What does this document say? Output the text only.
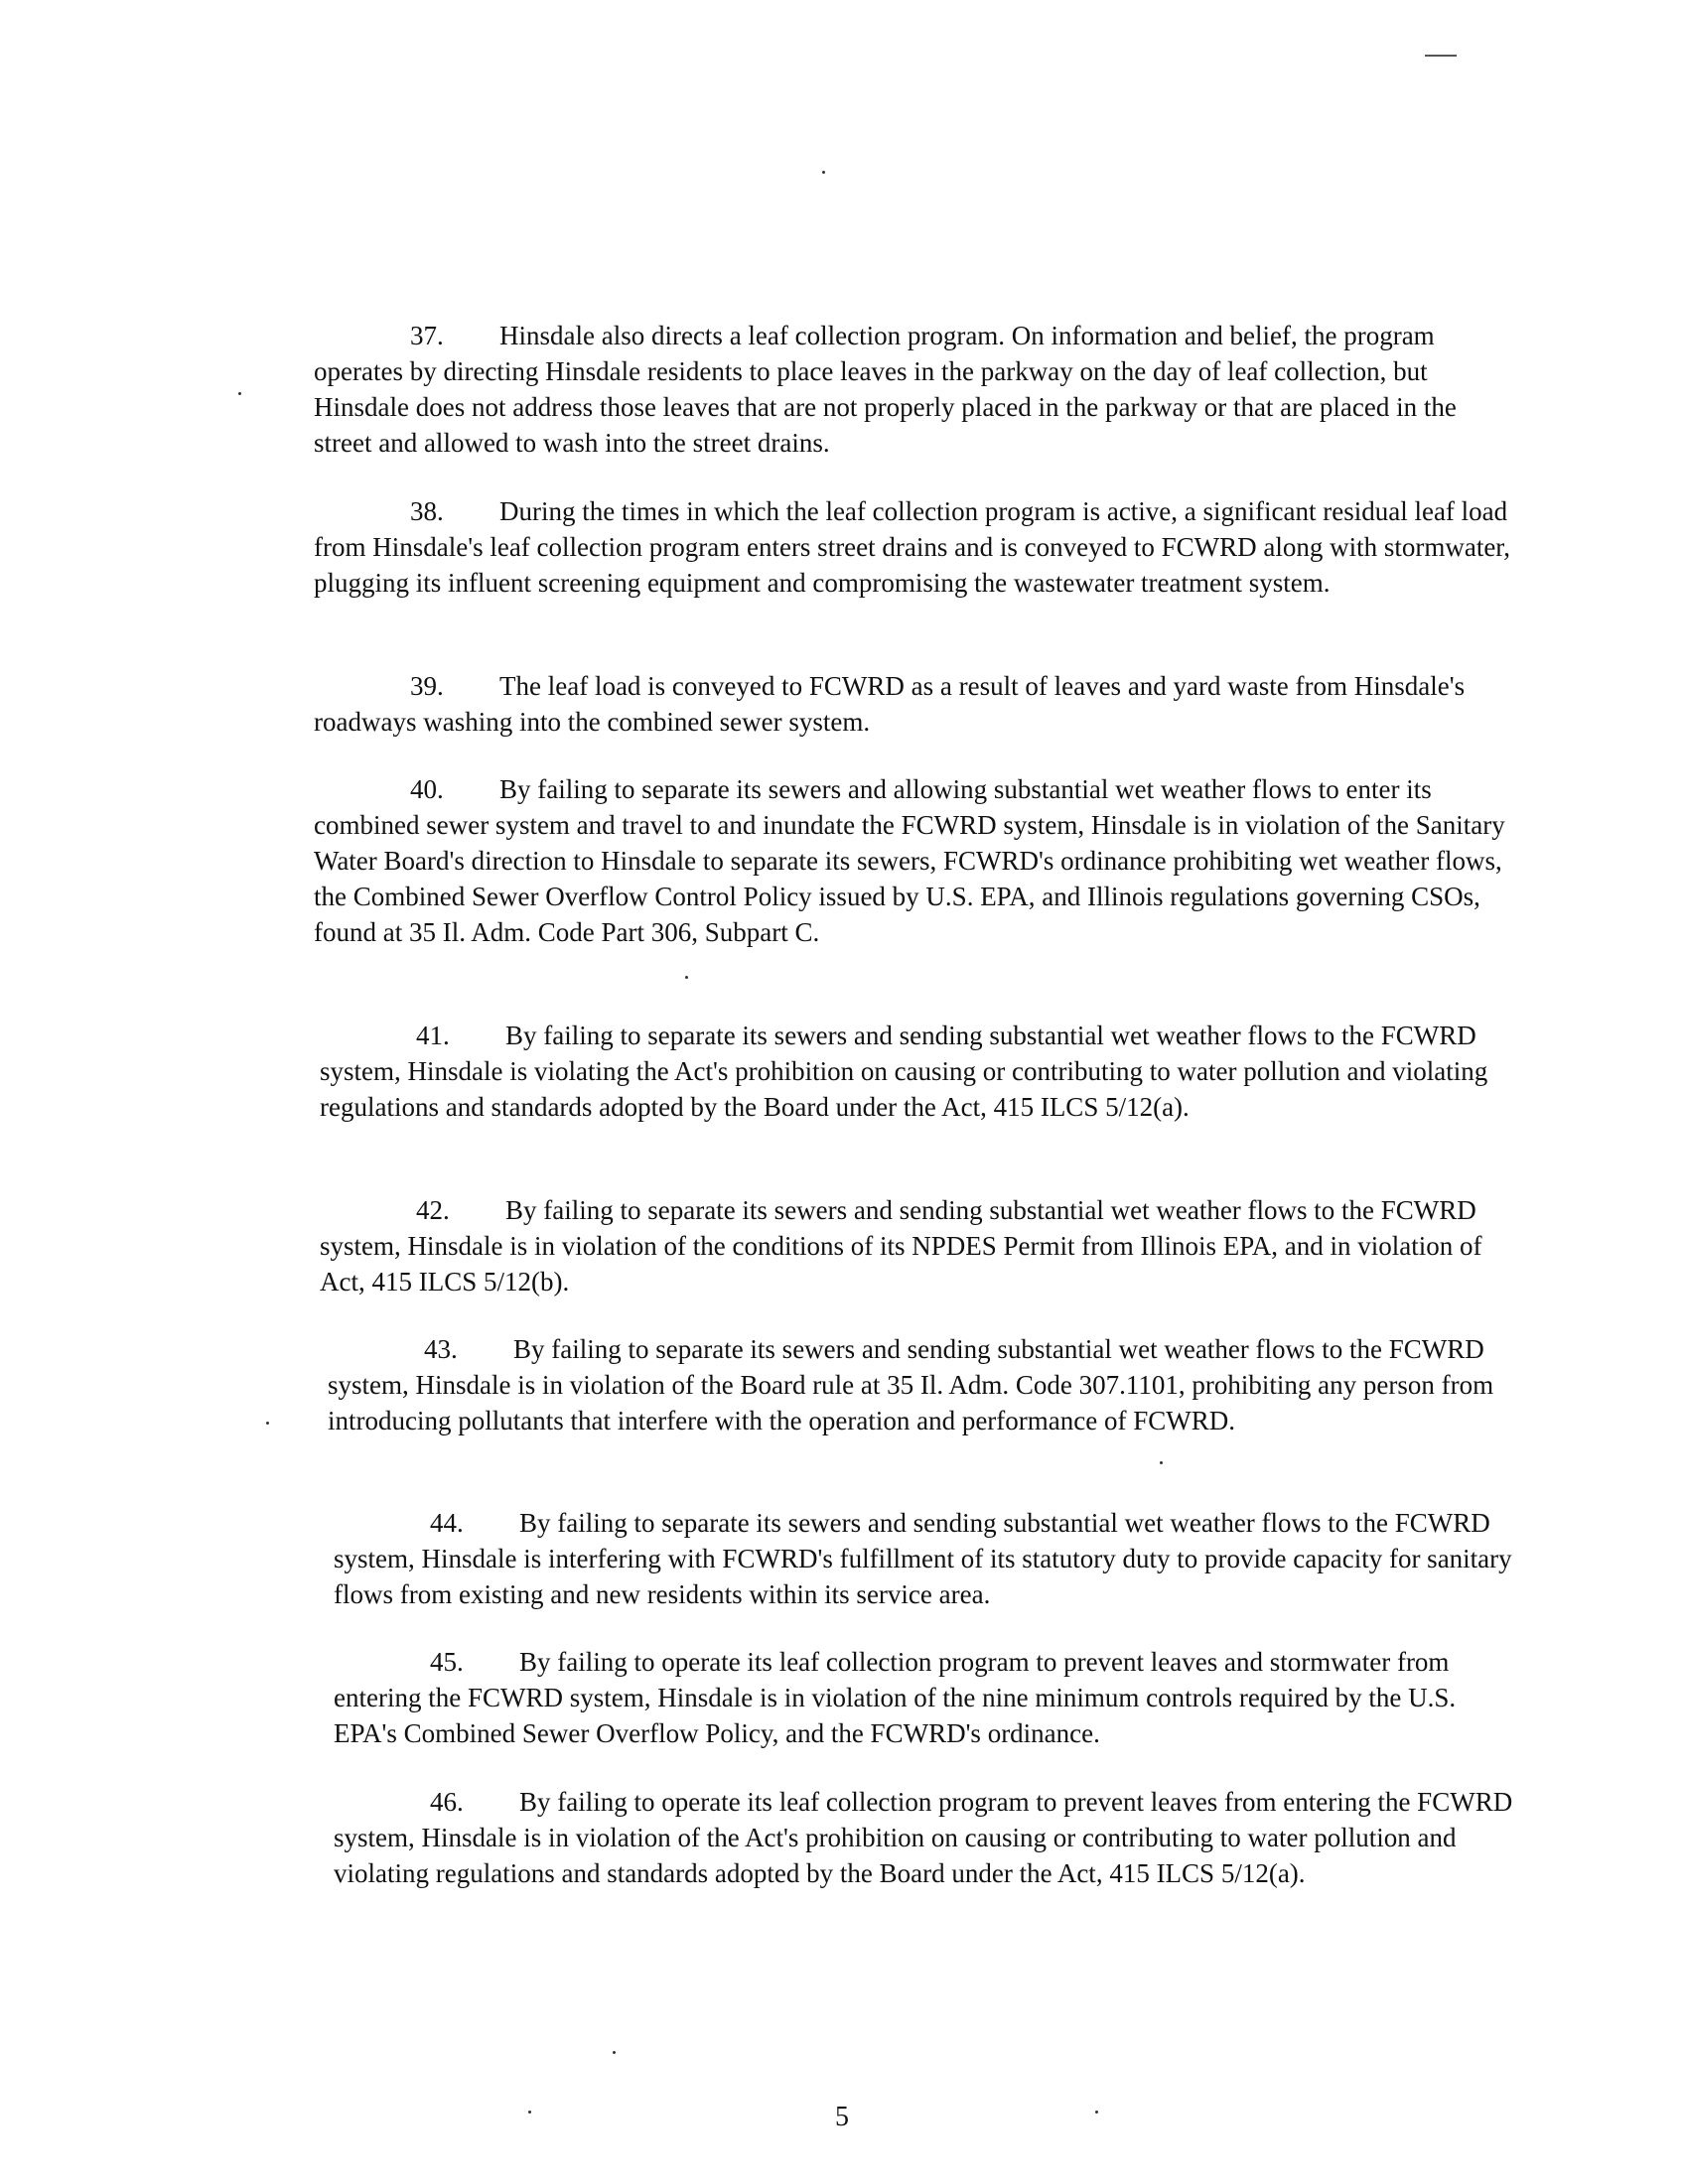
37. Hinsdale also directs a leaf collection program. On information and belief, the program operates by directing Hinsdale residents to place leaves in the parkway on the day of leaf collection, but Hinsdale does not address those leaves that are not properly placed in the parkway or that are placed in the street and allowed to wash into the street drains.

38. During the times in which the leaf collection program is active, a significant residual leaf load from Hinsdale's leaf collection program enters street drains and is conveyed to FCWRD along with stormwater, plugging its influent screening equipment and compromising the wastewater treatment system.

39. The leaf load is conveyed to FCWRD as a result of leaves and yard waste from Hinsdale's roadways washing into the combined sewer system.

40. By failing to separate its sewers and allowing substantial wet weather flows to enter its combined sewer system and travel to and inundate the FCWRD system, Hinsdale is in violation of the Sanitary Water Board's direction to Hinsdale to separate its sewers, FCWRD's ordinance prohibiting wet weather flows, the Combined Sewer Overflow Control Policy issued by U.S. EPA, and Illinois regulations governing CSOs, found at 35 Il. Adm. Code Part 306, Subpart C.

41. By failing to separate its sewers and sending substantial wet weather flows to the FCWRD system, Hinsdale is violating the Act's prohibition on causing or contributing to water pollution and violating regulations and standards adopted by the Board under the Act, 415 ILCS 5/12(a).

42. By failing to separate its sewers and sending substantial wet weather flows to the FCWRD system, Hinsdale is in violation of the conditions of its NPDES Permit from Illinois EPA, and in violation of Act, 415 ILCS 5/12(b).

43. By failing to separate its sewers and sending substantial wet weather flows to the FCWRD system, Hinsdale is in violation of the Board rule at 35 Il. Adm. Code 307.1101, prohibiting any person from introducing pollutants that interfere with the operation and performance of FCWRD.

44. By failing to separate its sewers and sending substantial wet weather flows to the FCWRD system, Hinsdale is interfering with FCWRD's fulfillment of its statutory duty to provide capacity for sanitary flows from existing and new residents within its service area.

45. By failing to operate its leaf collection program to prevent leaves and stormwater from entering the FCWRD system, Hinsdale is in violation of the nine minimum controls required by the U.S. EPA's Combined Sewer Overflow Policy, and the FCWRD's ordinance.

46. By failing to operate its leaf collection program to prevent leaves from entering the FCWRD system, Hinsdale is in violation of the Act's prohibition on causing or contributing to water pollution and violating regulations and standards adopted by the Board under the Act, 415 ILCS 5/12(a).

5
